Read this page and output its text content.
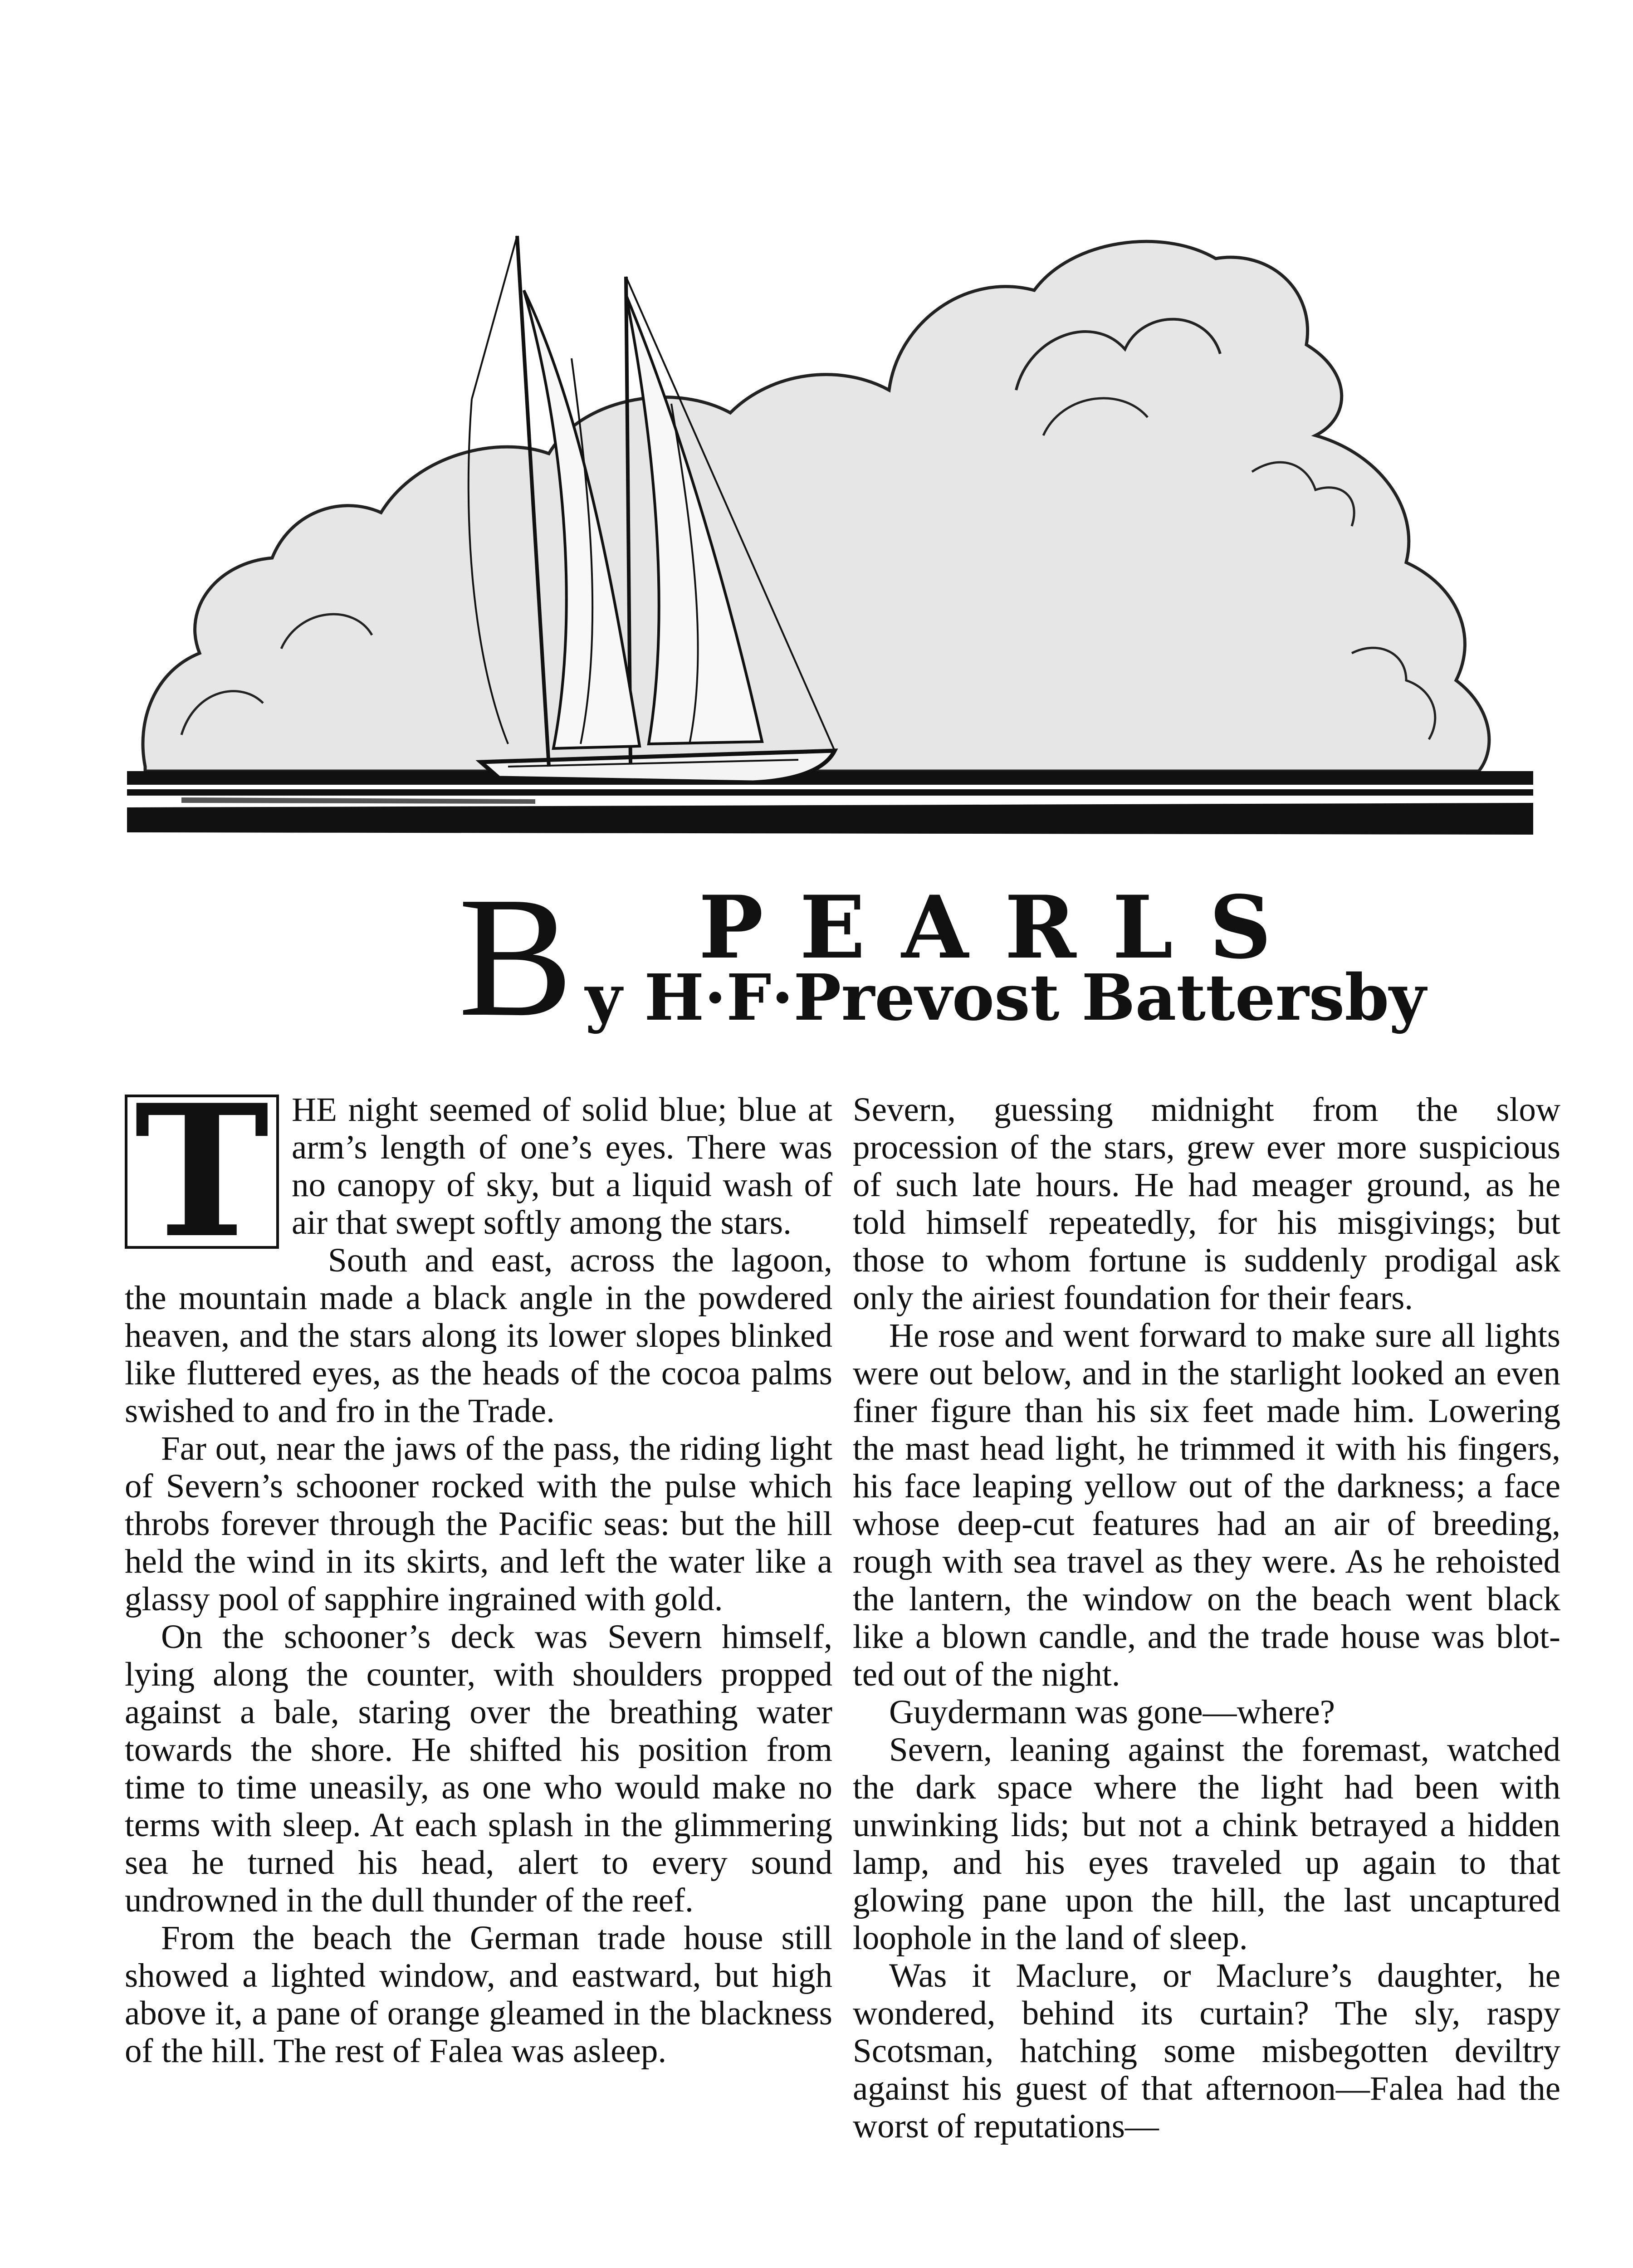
B PEARLS
y H·F·Prevost Battersby

T HE night seemed of solid blue; blue at arm’s length of one’s eyes. There was no canopy of sky, but a liquid wash of air that swept softly among the stars.

South and east, across the lagoon, the mountain made a black angle in the powdered heaven, and the stars along its lower slopes blinked like fluttered eyes, as the heads of the cocoa palms swished to and fro in the Trade.

Far out, near the jaws of the pass, the riding light of Severn’s schooner rocked with the pulse which throbs forever through the Pacific seas: but the hill held the wind in its skirts, and left the water like a glassy pool of sapphire ingrained with gold.

On the schooner’s deck was Severn himself, lying along the counter, with shoulders propped against a bale, staring over the breathing water towards the shore. He shifted his position from time to time uneasily, as one who would make no terms with sleep. At each splash in the glimmering sea he turned his head, alert to every sound undrowned in the dull thunder of the reef.

From the beach the German trade house still showed a lighted window, and eastward, but high above it, a pane of orange gleamed in the blackness of the hill. The rest of Falea was asleep.

Severn, guessing midnight from the slow procession of the stars, grew ever more suspicious of such late hours. He had meager ground, as he told himself repeatedly, for his misgivings; but those to whom fortune is suddenly prodigal ask only the airiest foundation for their fears.

He rose and went forward to make sure all lights were out below, and in the starlight looked an even finer figure than his six feet made him. Lowering the mast head light, he trimmed it with his fingers, his face leaping yellow out of the darkness; a face whose deep-cut features had an air of breeding, rough with sea travel as they were. As he rehoisted the lantern, the window on the beach went black like a blown candle, and the trade house was blotted out of the night.

Guydermann was gone—where?

Severn, leaning against the foremast, watched the dark space where the light had been with unwinking lids; but not a chink betrayed a hidden lamp, and his eyes traveled up again to that glowing pane upon the hill, the last uncaptured loophole in the land of sleep.

Was it Maclure, or Maclure’s daughter, he wondered, behind its curtain? The sly, raspy Scotsman, hatching some misbegotten deviltry against his guest of that afternoon—Falea had the worst of reputations—
